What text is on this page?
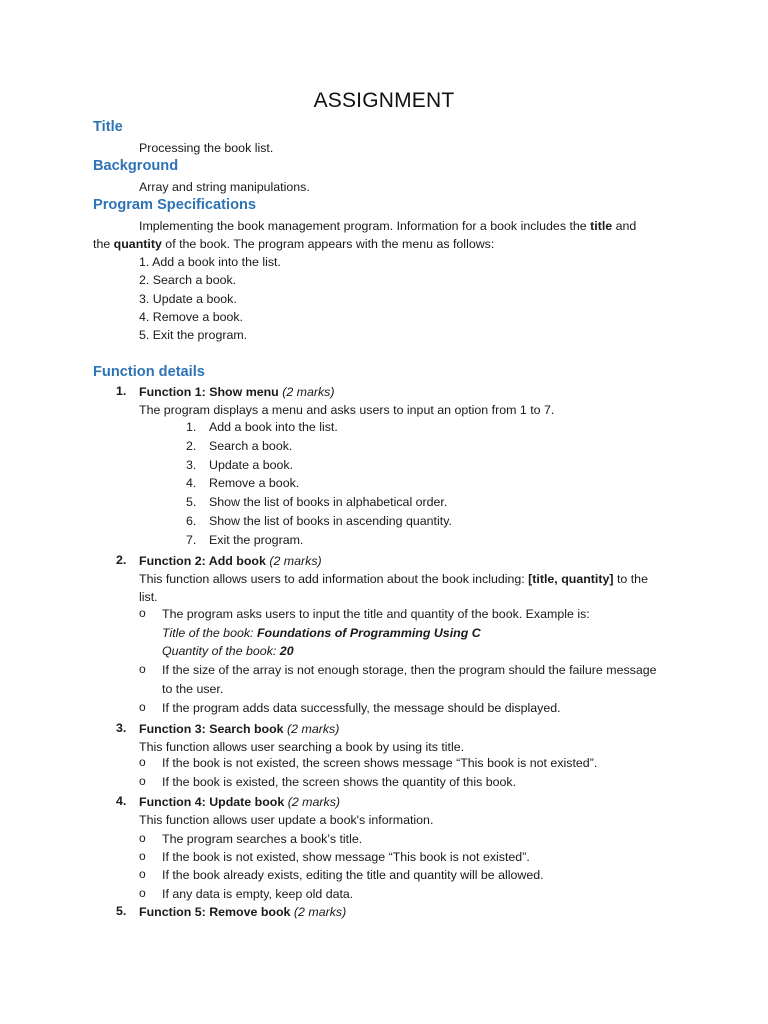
ASSIGNMENT
Title
Processing the book list.
Background
Array and string manipulations.
Program Specifications
Implementing the book management program. Information for a book includes the title and
the quantity of the book. The program appears with the menu as follows:
1. Add a book into the list.
2. Search a book.
3. Update a book.
4. Remove a book.
5. Exit the program.
Function details
1. Function 1: Show menu (2 marks)
The program displays a menu and asks users to input an option from 1 to 7.
1. Add a book into the list.
2. Search a book.
3. Update a book.
4. Remove a book.
5. Show the list of books in alphabetical order.
6. Show the list of books in ascending quantity.
7. Exit the program.
2. Function 2: Add book (2 marks)
This function allows users to add information about the book including: [title, quantity] to the
list.
o The program asks users to input the title and quantity of the book. Example is:
Title of the book: Foundations of Programming Using C
Quantity of the book: 20
o If the size of the array is not enough storage, then the program should the failure message
to the user.
o If the program adds data successfully, the message should be displayed.
3. Function 3: Search book (2 marks)
This function allows user searching a book by using its title.
o If the book is not existed, the screen shows message “This book is not existed”.
o If the book is existed, the screen shows the quantity of this book.
4. Function 4: Update book (2 marks)
This function allows user update a book's information.
o The program searches a book’s title.
o If the book is not existed, show message “This book is not existed”.
o If the book already exists, editing the title and quantity will be allowed.
o If any data is empty, keep old data.
5. Function 5: Remove book (2 marks)
